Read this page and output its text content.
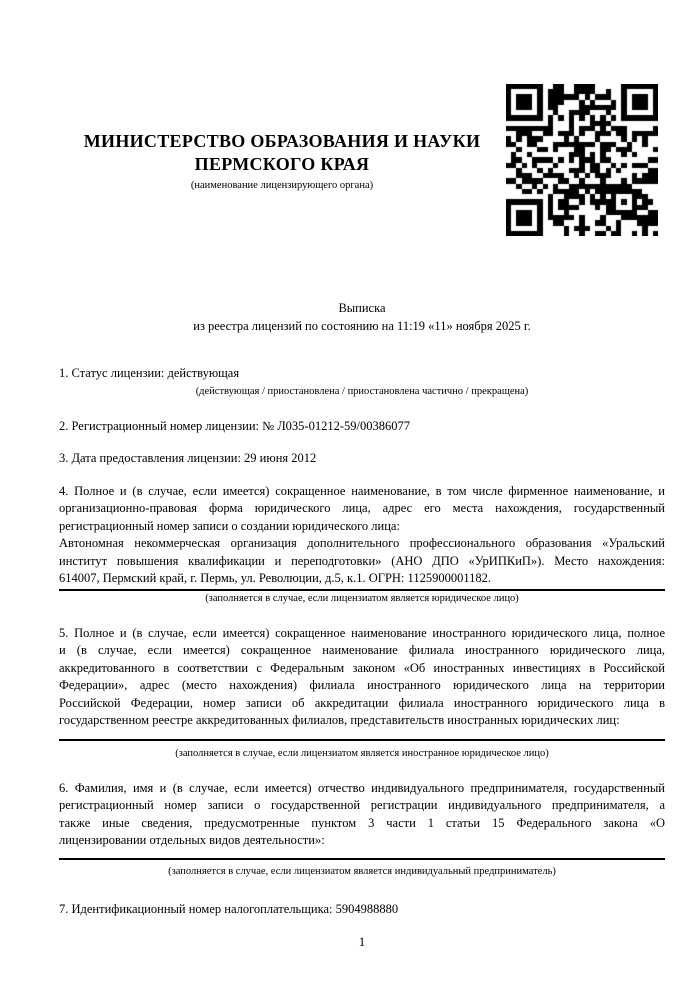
МИНИСТЕРСТВО ОБРАЗОВАНИЯ И НАУКИ
ПЕРМСКОГО КРАЯ
(наименование лицензирующего органа)
Выписка
из реестра лицензий по состоянию на 11:19 «11» ноября 2025 г.
1. Статус лицензии: действующая
(действующая / приостановлена / приостановлена частично / прекращена)
2. Регистрационный номер лицензии: № Л035-01212-59/00386077
3. Дата предоставления лицензии: 29 июня 2012
4. Полное и (в случае, если имеется) сокращенное наименование, в том числе фирменное наименование, и
организационно-правовая форма юридического лица, адрес его места нахождения, государственный
регистрационный номер записи о создании юридического лица:
Автономная некоммерческая организация дополнительного профессионального образования «Уральский
институт повышения квалификации и переподготовки» (АНО ДПО «УрИПКиП»). Место нахождения:
614007, Пермский край, г. Пермь, ул. Революции, д.5, к.1. ОГРН: 1125900001182.
(заполняется в случае, если лицензиатом является юридическое лицо)
5. Полное и (в случае, если имеется) сокращенное наименование иностранного юридического лица, полное
и (в случае, если имеется) сокращенное наименование филиала иностранного юридического лица,
аккредитованного в соответствии с Федеральным законом «Об иностранных инвестициях в Российской
Федерации», адрес (место нахождения) филиала иностранного юридического лица на территории
Российской Федерации, номер записи об аккредитации филиала иностранного юридического лица в
государственном реестре аккредитованных филиалов, представительств иностранных юридических лиц:
(заполняется в случае, если лицензиатом является иностранное юридическое лицо)
6. Фамилия, имя и (в случае, если имеется) отчество индивидуального предпринимателя, государственный
регистрационный номер записи о государственной регистрации индивидуального предпринимателя, а
также иные сведения, предусмотренные пунктом 3 части 1 статьи 15 Федерального закона «О
лицензировании отдельных видов деятельности»:
(заполняется в случае, если лицензиатом является индивидуальный предприниматель)
7. Идентификационный номер налогоплательщика: 5904988880
1
